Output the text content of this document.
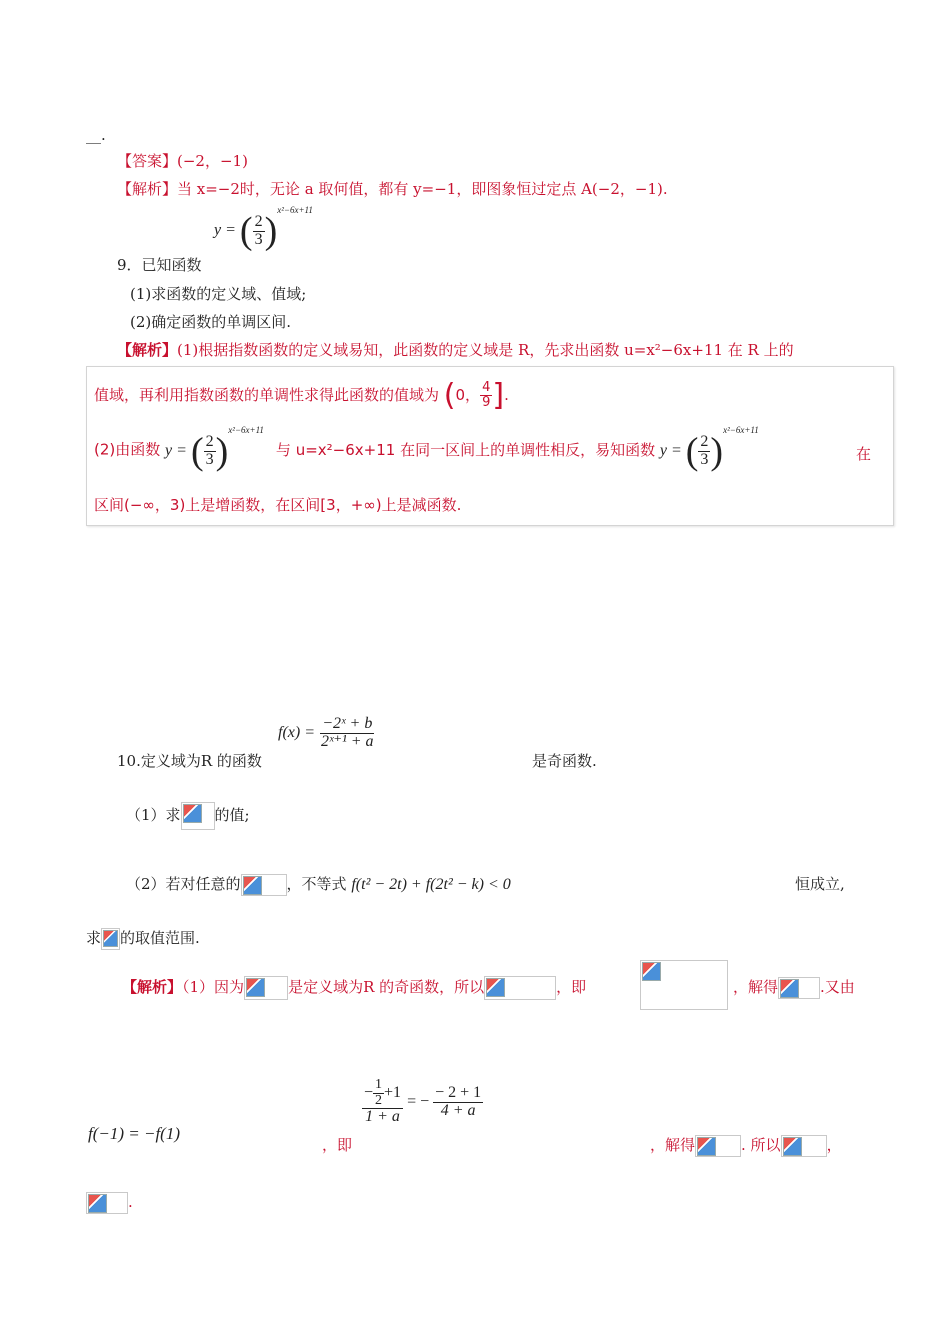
__.
【答案】(−2，−1)
【解析】当 x=−2时，无论 a 取何值，都有 y=−1，即图象恒过定点 A(−2，−1).
y = ( $\frac{2}{3} )^{x^2-6x+11}$
9．已知函数
(1)求函数的定义域、值域;
(2)确定函数的单调区间.
【解析】(1)根据指数函数的定义域易知，此函数的定义域是 R，先求出函数 u=x²−6x+11 在 R 上的
值域，再利用指数函数的单调性求得此函数的值域为 (0， $\frac{4}{9}$ ].
(2)由函数 y = ( $\frac{2}{3} )^{x^2-6x+11}$ 与 u=x²−6x+11 在同一区间上的单调性相反，易知函数 y = ( $\frac{2}{3} )^{x^2-6x+11}$
在
区间(−∞，3)上是增函数，在区间[3，+∞)上是减函数.
10.定义域为R 的函数
$f(x) = \frac{\text{−2ˣ + b}}{\text{2ˣ⁺¹ + a}}$
是奇函数.
（1）求 的值;
（2）若对任意的	，不等式 f(t² − 2t) + f(2t² − k) < 0	恒成立,
求 的取值范围.
【解析】（1）因为	是定义域为R 的奇函数，所以	，即	，解得	.又由
f(−1) = −f(1)
，即
$\frac{- \frac{1}{2} +1}{1 + a}$ = − $\frac{- 2 + 1}{4 + a}$
，解得	. 所以	，
.
